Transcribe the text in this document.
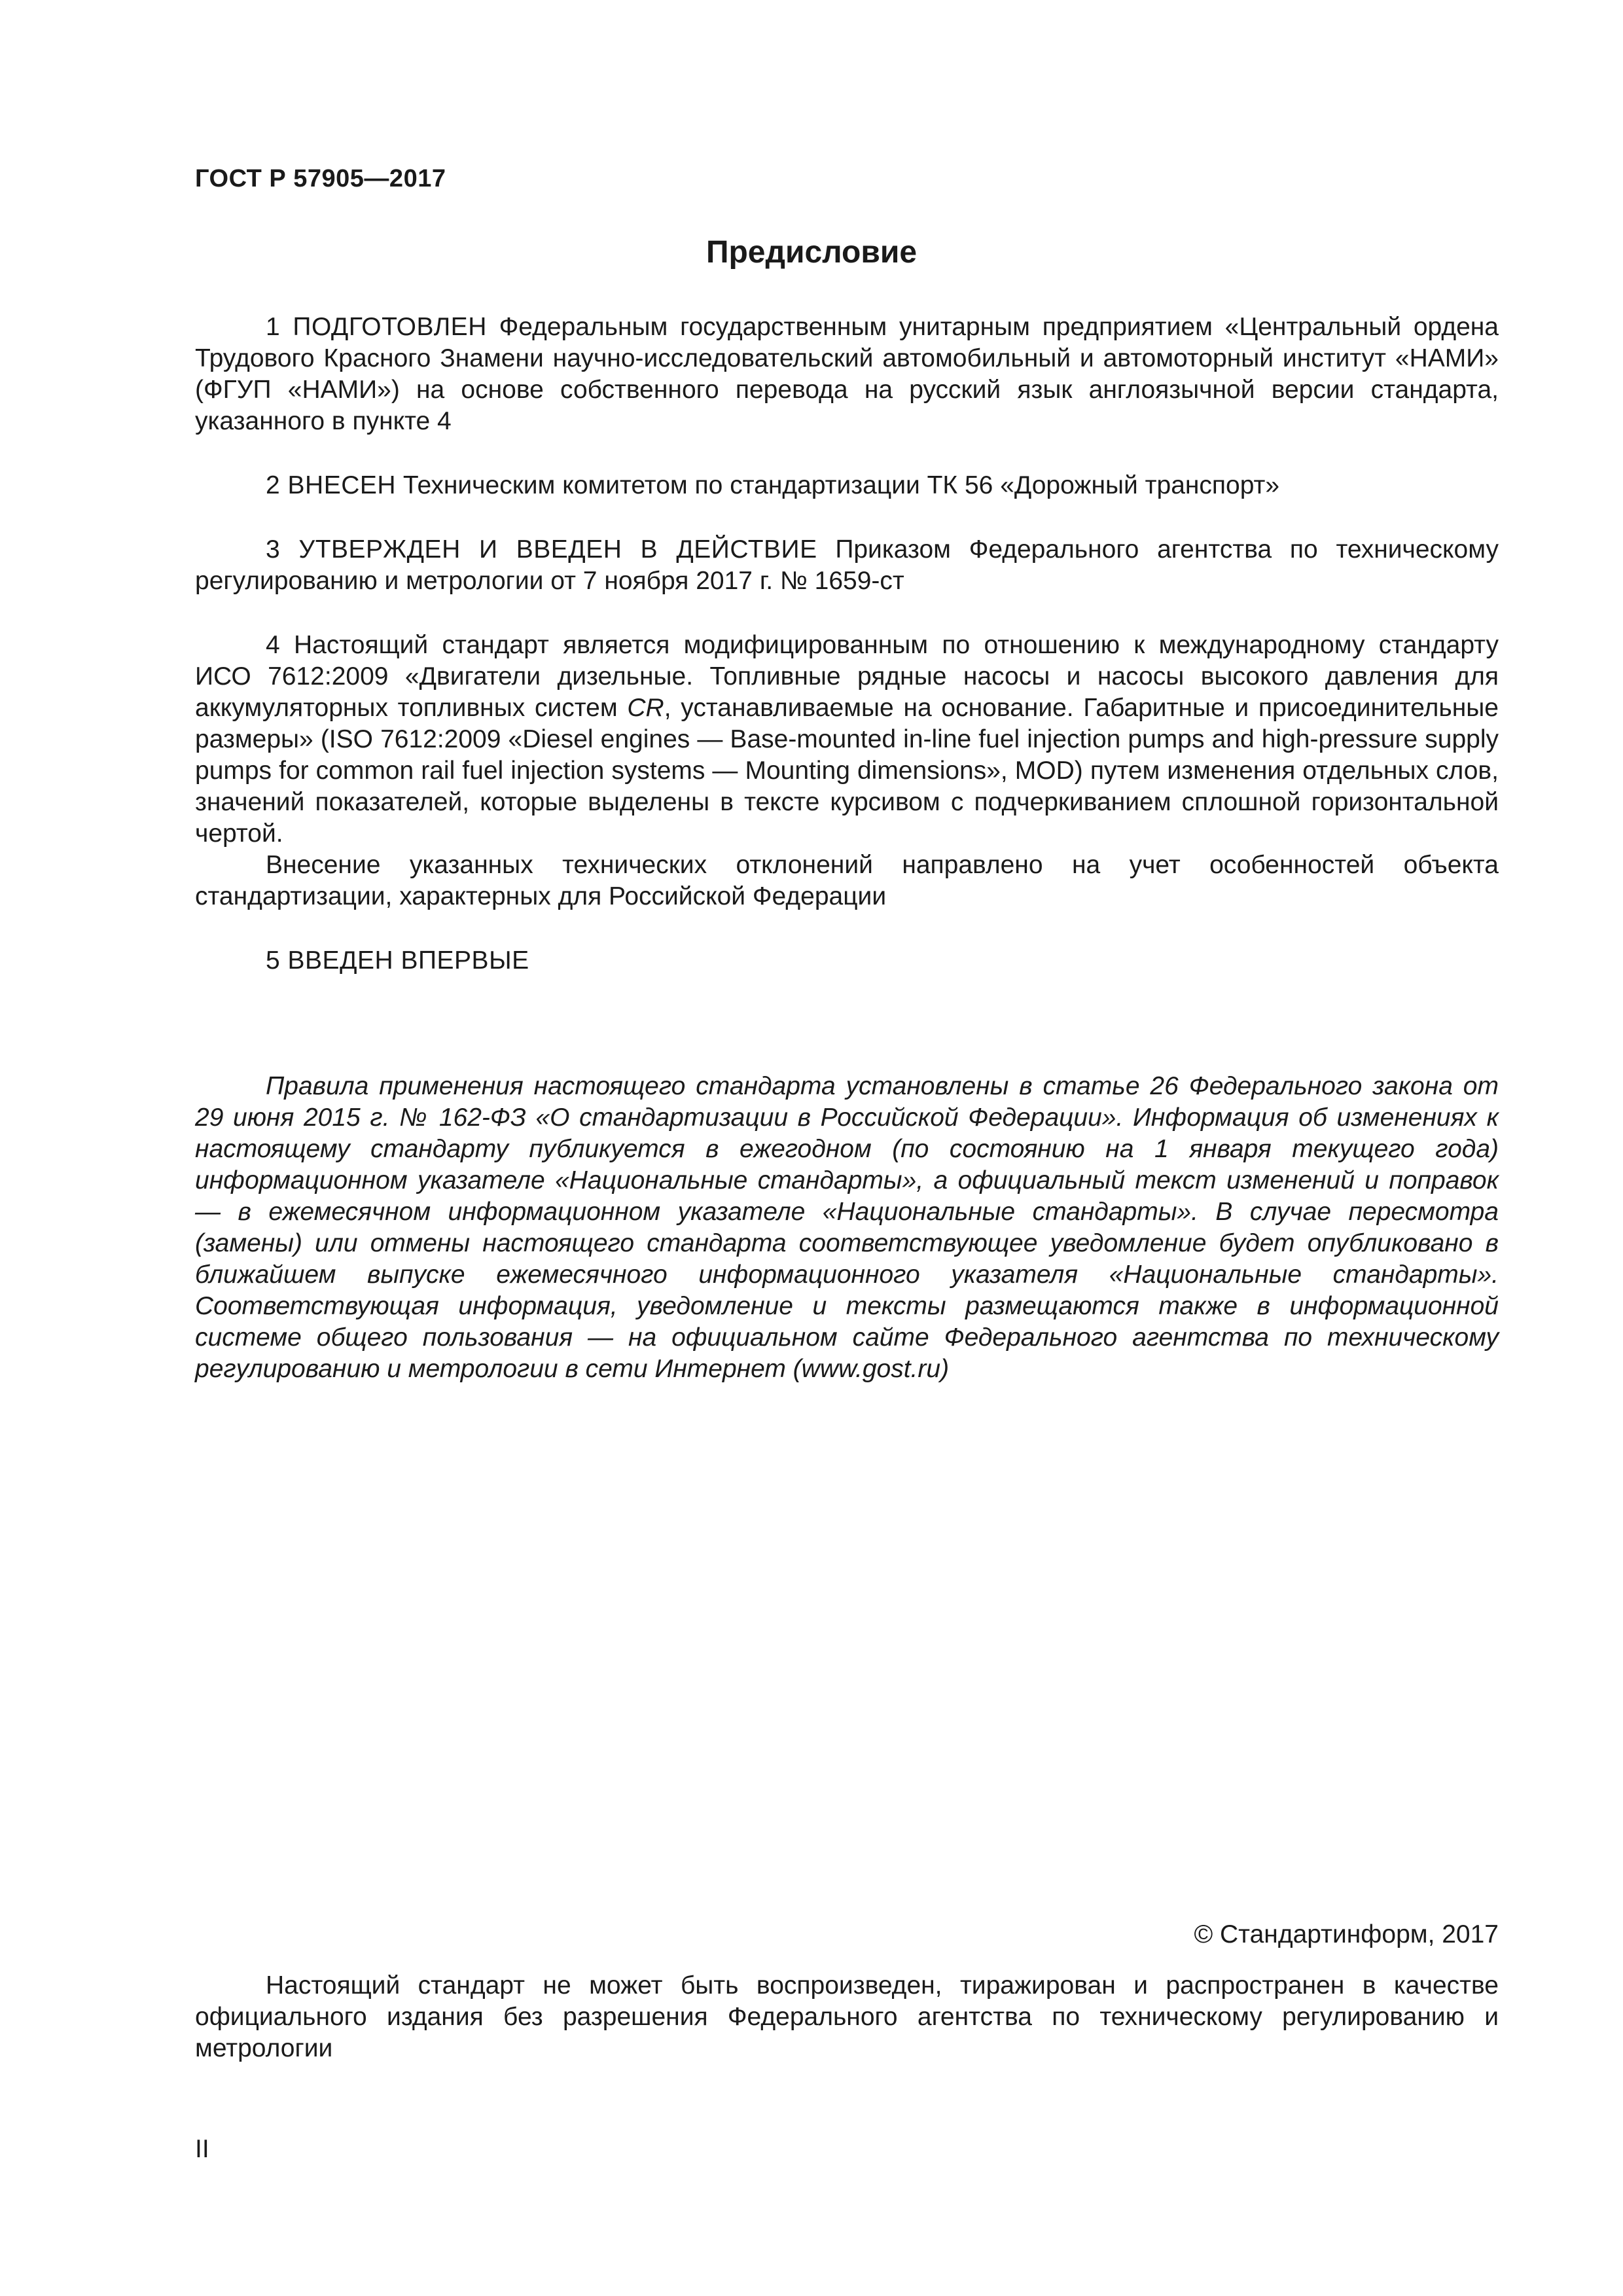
ГОСТ Р 57905—2017
Предисловие

1 ПОДГОТОВЛЕН Федеральным государственным унитарным предприятием «Центральный ордена Трудового Красного Знамени научно-исследовательский автомобильный и автомоторный институт «НАМИ» (ФГУП «НАМИ») на основе собственного перевода на русский язык англоязычной версии стандарта, указанного в пункте 4

2 ВНЕСЕН Техническим комитетом по стандартизации ТК 56 «Дорожный транспорт»

3 УТВЕРЖДЕН И ВВЕДЕН В ДЕЙСТВИЕ Приказом Федерального агентства по техническому регулированию и метрологии от 7 ноября 2017 г. № 1659-ст

4 Настоящий стандарт является модифицированным по отношению к международному стандарту ИСО 7612:2009 «Двигатели дизельные. Топливные рядные насосы и насосы высокого давления для аккумуляторных топливных систем CR, устанавливаемые на основание. Габаритные и присоединительные размеры» (ISO 7612:2009 «Diesel engines — Base-mounted in-line fuel injection pumps and high-pressure supply pumps for common rail fuel injection systems — Mounting dimensions», MOD) путем изменения отдельных слов, значений показателей, которые выделены в тексте курсивом с подчеркиванием сплошной горизонтальной чертой.

Внесение указанных технических отклонений направлено на учет особенностей объекта стандартизации, характерных для Российской Федерации

5 ВВЕДЕН ВПЕРВЫЕ

Правила применения настоящего стандарта установлены в статье 26 Федерального закона от 29 июня 2015 г. № 162-ФЗ «О стандартизации в Российской Федерации». Информация об изменениях к настоящему стандарту публикуется в ежегодном (по состоянию на 1 января текущего года) информационном указателе «Национальные стандарты», а официальный текст изменений и поправок — в ежемесячном информационном указателе «Национальные стандарты». В случае пересмотра (замены) или отмены настоящего стандарта соответствующее уведомление будет опубликовано в ближайшем выпуске ежемесячного информационного указателя «Национальные стандарты». Соответствующая информация, уведомление и тексты размещаются также в информационной системе общего пользования — на официальном сайте Федерального агентства по техническому регулированию и метрологии в сети Интернет (www.gost.ru)

© Стандартинформ, 2017

Настоящий стандарт не может быть воспроизведен, тиражирован и распространен в качестве официального издания без разрешения Федерального агентства по техническому регулированию и метрологии

II
